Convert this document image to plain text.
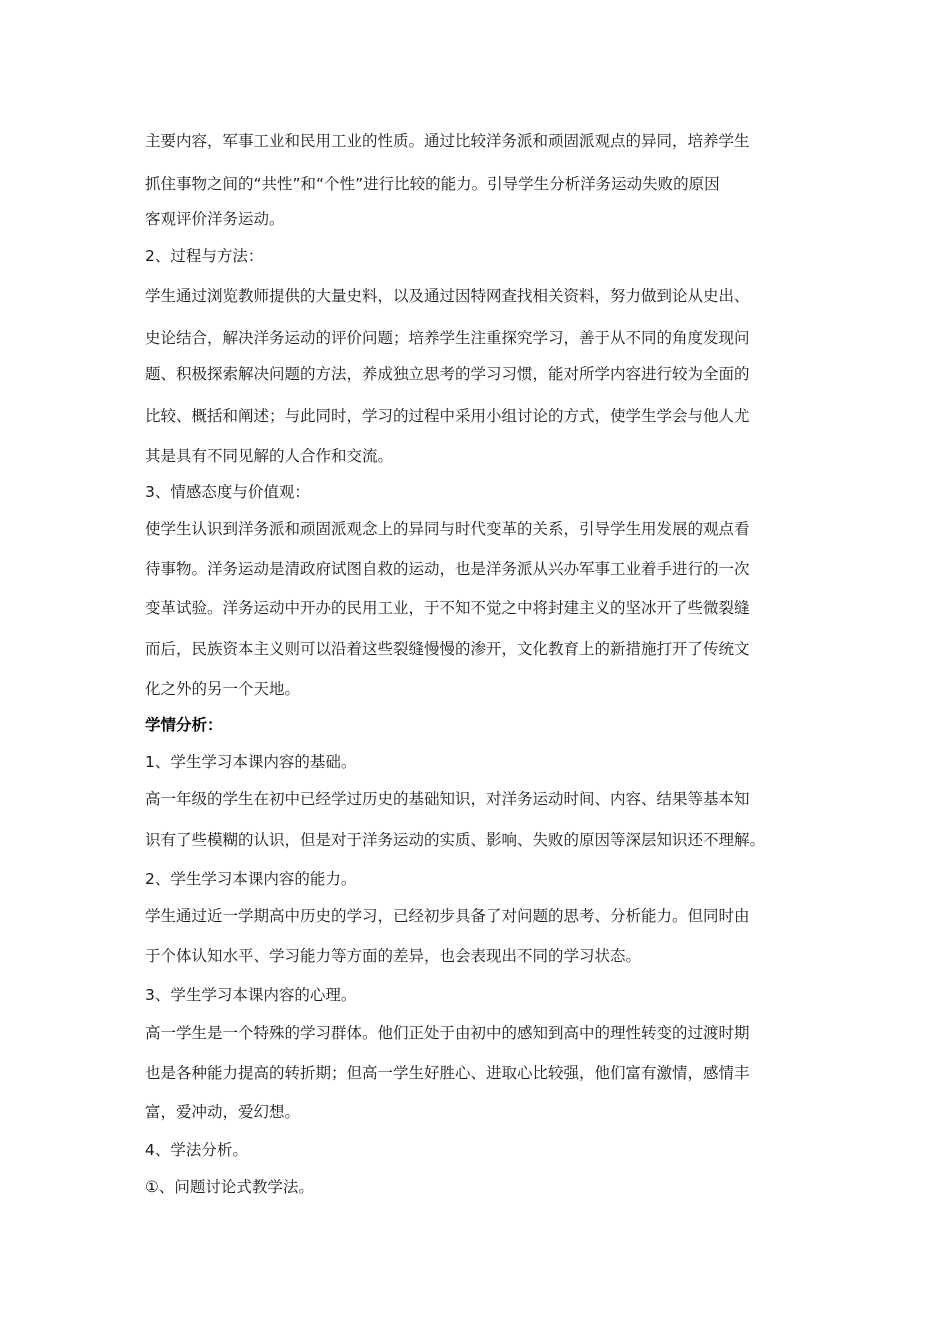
主要内容，军事工业和民用工业的性质。通过比较洋务派和顽固派观点的异同，培养学生
抓住事物之间的“共性”和“个性”进行比较的能力。引导学生分析洋务运动失败的原因
客观评价洋务运动。
2、过程与方法：
学生通过浏览教师提供的大量史料，以及通过因特网查找相关资料，努力做到论从史出、
史论结合，解决洋务运动的评价问题；培养学生注重探究学习，善于从不同的角度发现问
题、积极探索解决问题的方法，养成独立思考的学习习惯，能对所学内容进行较为全面的
比较、概括和阐述；与此同时，学习的过程中采用小组讨论的方式，使学生学会与他人尤
其是具有不同见解的人合作和交流。
3、情感态度与价值观：
使学生认识到洋务派和顽固派观念上的异同与时代变革的关系，引导学生用发展的观点看
待事物。洋务运动是清政府试图自救的运动，也是洋务派从兴办军事工业着手进行的一次
变革试验。洋务运动中开办的民用工业，于不知不觉之中将封建主义的坚冰开了些微裂缝
而后，民族资本主义则可以沿着这些裂缝慢慢的渗开，文化教育上的新措施打开了传统文
化之外的另一个天地。
学情分析：
1、学生学习本课内容的基础。
高一年级的学生在初中已经学过历史的基础知识，对洋务运动时间、内容、结果等基本知
识有了些模糊的认识，但是对于洋务运动的实质、影响、失败的原因等深层知识还不理解。
2、学生学习本课内容的能力。
学生通过近一学期高中历史的学习，已经初步具备了对问题的思考、分析能力。但同时由
于个体认知水平、学习能力等方面的差异，也会表现出不同的学习状态。
3、学生学习本课内容的心理。
高一学生是一个特殊的学习群体。他们正处于由初中的感知到高中的理性转变的过渡时期
也是各种能力提高的转折期；但高一学生好胜心、进取心比较强，他们富有激情，感情丰
富，爱冲动，爱幻想。
4、学法分析。
①、问题讨论式教学法。
